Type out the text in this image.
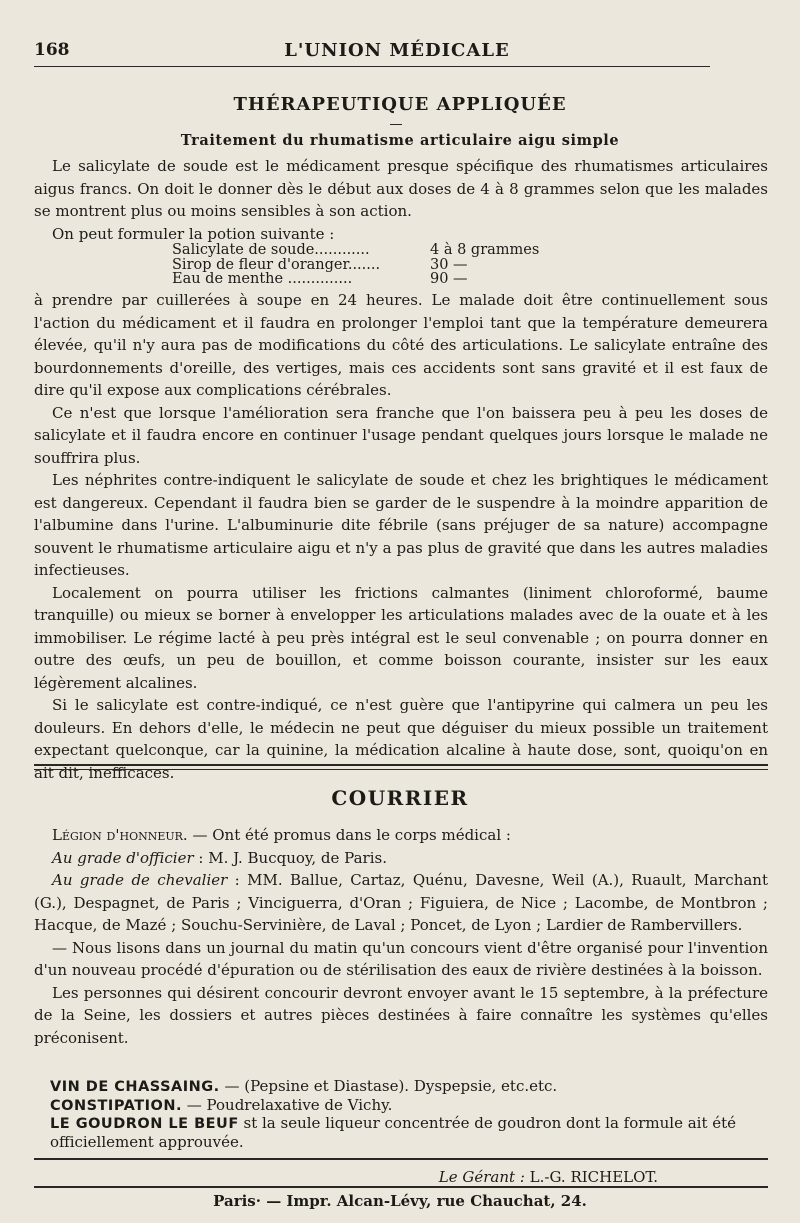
168	L'UNION MÉDICALE
THÉRAPEUTIQUE APPLIQUÉE
Traitement du rhumatisme articulaire aigu simple

Le salicylate de soude est le médicament presque spécifique des rhumatismes articulaires aigus francs. On doit le donner dès le début aux doses de 4 à 8 grammes selon que les malades se montrent plus ou moins sensibles à son action.

On peut formuler la potion suivante :

Salicylate de soude............	4 à 8 grammes
Sirop de fleur d'oranger.......	30 —
Eau de menthe ..............	90 —

à prendre par cuillerées à soupe en 24 heures. Le malade doit être continuellement sous l'action du médicament et il faudra en prolonger l'emploi tant que la température demeurera élevée, qu'il n'y aura pas de modifications du côté des articulations. Le salicylate entraîne des bourdonnements d'oreille, des vertiges, mais ces accidents sont sans gravité et il est faux de dire qu'il expose aux complications cérébrales.

Ce n'est que lorsque l'amélioration sera franche que l'on baissera peu à peu les doses de salicylate et il faudra encore en continuer l'usage pendant quelques jours lorsque le malade ne souffrira plus.

Les néphrites contre-indiquent le salicylate de soude et chez les brightiques le médicament est dangereux. Cependant il faudra bien se garder de le suspendre à la moindre apparition de l'albumine dans l'urine. L'albuminurie dite fébrile (sans préjuger de sa nature) accompagne souvent le rhumatisme articulaire aigu et n'y a pas plus de gravité que dans les autres maladies infectieuses.

Localement on pourra utiliser les frictions calmantes (liniment chloroformé, baume tranquille) ou mieux se borner à envelopper les articulations malades avec de la ouate et à les immobiliser. Le régime lacté à peu près intégral est le seul convenable ; on pourra donner en outre des œufs, un peu de bouillon, et comme boisson courante, insister sur les eaux légèrement alcalines.

Si le salicylate est contre-indiqué, ce n'est guère que l'antipyrine qui calmera un peu les douleurs. En dehors d'elle, le médecin ne peut que déguiser du mieux possible un traitement expectant quelconque, car la quinine, la médication alcaline à haute dose, sont, quoiqu'on en ait dit, inefficaces.

COURRIER

Légion d'honneur. — Ont été promus dans le corps médical :

Au grade d'officier : M. J. Bucquoy, de Paris.

Au grade de chevalier : MM. Ballue, Cartaz, Quénu, Davesne, Weil (A.), Ruault, Marchant (G.), Despagnet, de Paris ; Vinciguerra, d'Oran ; Figuiera, de Nice ; Lacombe, de Montbron ; Hacque, de Mazé ; Souchu-Servinière, de Laval ; Poncet, de Lyon ; Lardier de Rambervillers.

— Nous lisons dans un journal du matin qu'un concours vient d'être organisé pour l'invention d'un nouveau procédé d'épuration ou de stérilisation des eaux de rivière destinées à la boisson.

Les personnes qui désirent concourir devront envoyer avant le 15 septembre, à la préfecture de la Seine, les dossiers et autres pièces destinées à faire connaître les systèmes qu'elles préconisent.

VIN DE CHASSAING. — (Pepsine et Diastase). Dyspepsie, etc.etc.

CONSTIPATION. — Poudrelaxative de Vichy.

LE GOUDRON LE BEUF st la seule liqueur concentrée de goudron dont la formule ait été officiellement approuvée.

Le Gérant : L.-G. RICHELOT.
Paris· — Impr. Alcan-Lévy, rue Chauchat, 24.
